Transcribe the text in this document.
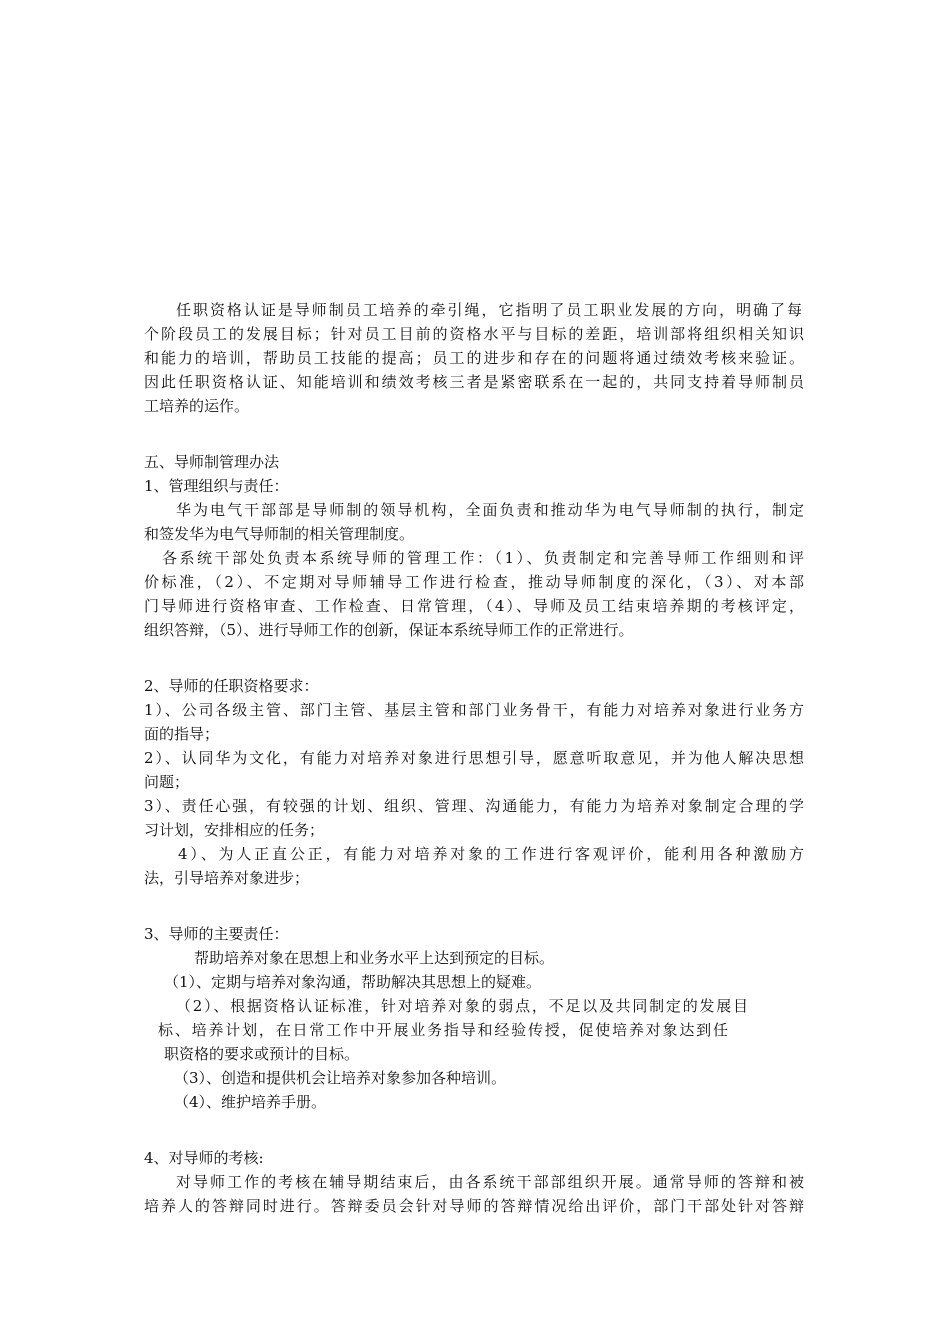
任职资格认证是导师制员工培养的牵引绳，它指明了员工职业发展的方向，明确了每
个阶段员工的发展目标；针对员工目前的资格水平与目标的差距，培训部将组织相关知识
和能力的培训，帮助员工技能的提高；员工的进步和存在的问题将通过绩效考核来验证。
因此任职资格认证、知能培训和绩效考核三者是紧密联系在一起的，共同支持着导师制员
工培养的运作。
五、导师制管理办法
1、管理组织与责任：
华为电气干部部是导师制的领导机构，全面负责和推动华为电气导师制的执行，制定
和签发华为电气导师制的相关管理制度。
各系统干部处负责本系统导师的管理工作：（1）、负责制定和完善导师工作细则和评
价标准，（2）、不定期对导师辅导工作进行检查，推动导师制度的深化，（3）、对本部
门导师进行资格审查、工作检查、日常管理，（4）、导师及员工结束培养期的考核评定，
组织答辩，（5）、进行导师工作的创新，保证本系统导师工作的正常进行。
2、导师的任职资格要求：
1）、公司各级主管、部门主管、基层主管和部门业务骨干，有能力对培养对象进行业务方
面的指导；
2）、认同华为文化，有能力对培养对象进行思想引导，愿意听取意见，并为他人解决思想
问题；
3）、责任心强，有较强的计划、组织、管理、沟通能力，有能力为培养对象制定合理的学
习计划，安排相应的任务；
4）、为人正直公正，有能力对培养对象的工作进行客观评价，能利用各种激励方
法，引导培养对象进步；
3、导师的主要责任：
帮助培养对象在思想上和业务水平上达到预定的目标。
（1）、定期与培养对象沟通，帮助解决其思想上的疑难。
（2）、根据资格认证标准，针对培养对象的弱点，不足以及共同制定的发展目
标、培养计划，在日常工作中开展业务指导和经验传授，促使培养对象达到任
职资格的要求或预计的目标。
（3）、创造和提供机会让培养对象参加各种培训。
（4）、维护培养手册。
4、对导师的考核:
对导师工作的考核在辅导期结束后，由各系统干部部组织开展。通常导师的答辩和被
培养人的答辩同时进行。答辩委员会针对导师的答辩情况给出评价，部门干部处针对答辩
